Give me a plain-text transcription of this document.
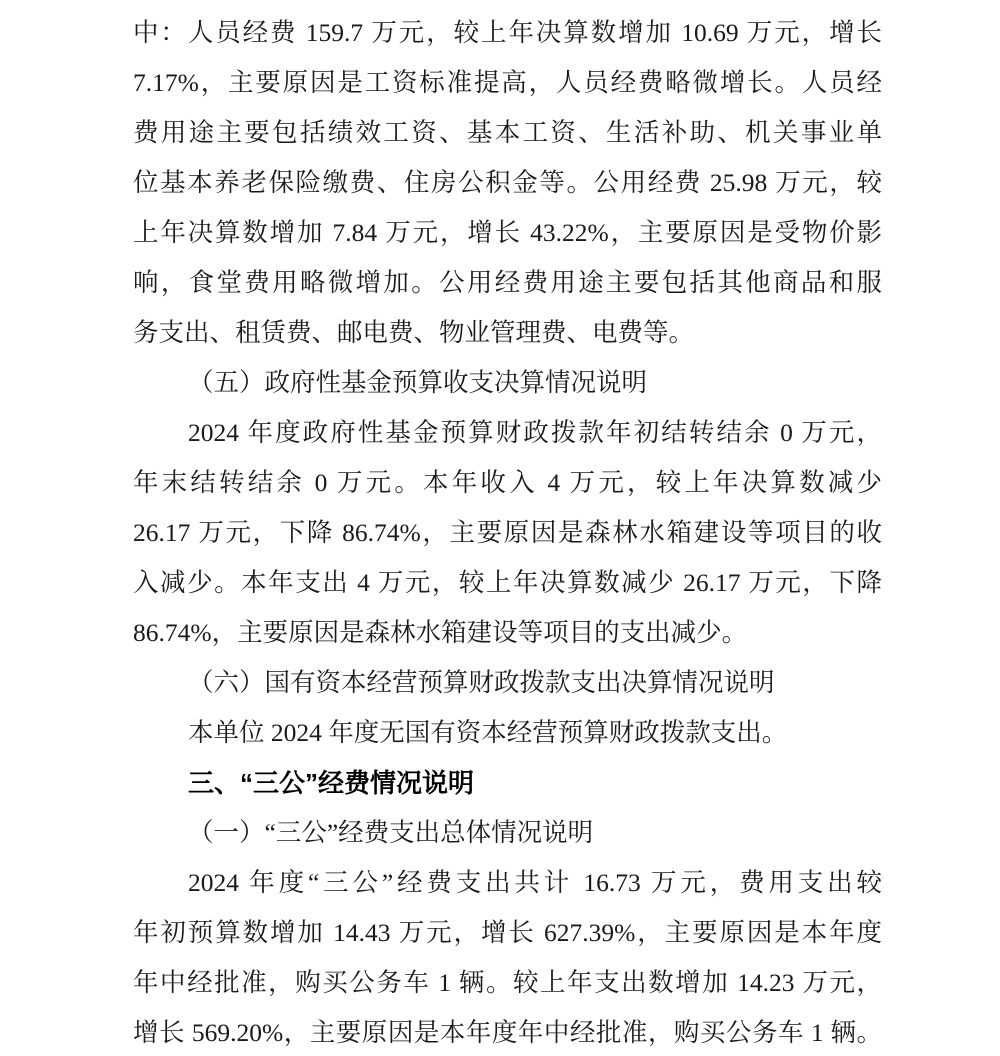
中：人员经费 159.7 万元，较上年决算数增加 10.69 万元，增长
7.17%，主要原因是工资标准提高，人员经费略微增长。人员经
费用途主要包括绩效工资、基本工资、生活补助、机关事业单
位基本养老保险缴费、住房公积金等。公用经费 25.98 万元，较
上年决算数增加 7.84 万元，增长 43.22%，主要原因是受物价影
响，食堂费用略微增加。公用经费用途主要包括其他商品和服
务支出、租赁费、邮电费、物业管理费、电费等。
（五）政府性基金预算收支决算情况说明
2024 年度政府性基金预算财政拨款年初结转结余 0 万元，
年末结转结余 0 万元。本年收入 4 万元，较上年决算数减少
26.17 万元，下降 86.74%，主要原因是森林水箱建设等项目的收
入减少。本年支出 4 万元，较上年决算数减少 26.17 万元，下降
86.74%，主要原因是森林水箱建设等项目的支出减少。
（六）国有资本经营预算财政拨款支出决算情况说明
本单位 2024 年度无国有资本经营预算财政拨款支出。
三、“三公”经费情况说明
（一）“三公”经费支出总体情况说明
2024 年度“三公”经费支出共计 16.73 万元，费用支出较
年初预算数增加 14.43 万元，增长 627.39%，主要原因是本年度
年中经批准，购买公务车 1 辆。较上年支出数增加 14.23 万元，
增长 569.20%，主要原因是本年度年中经批准，购买公务车 1 辆。
